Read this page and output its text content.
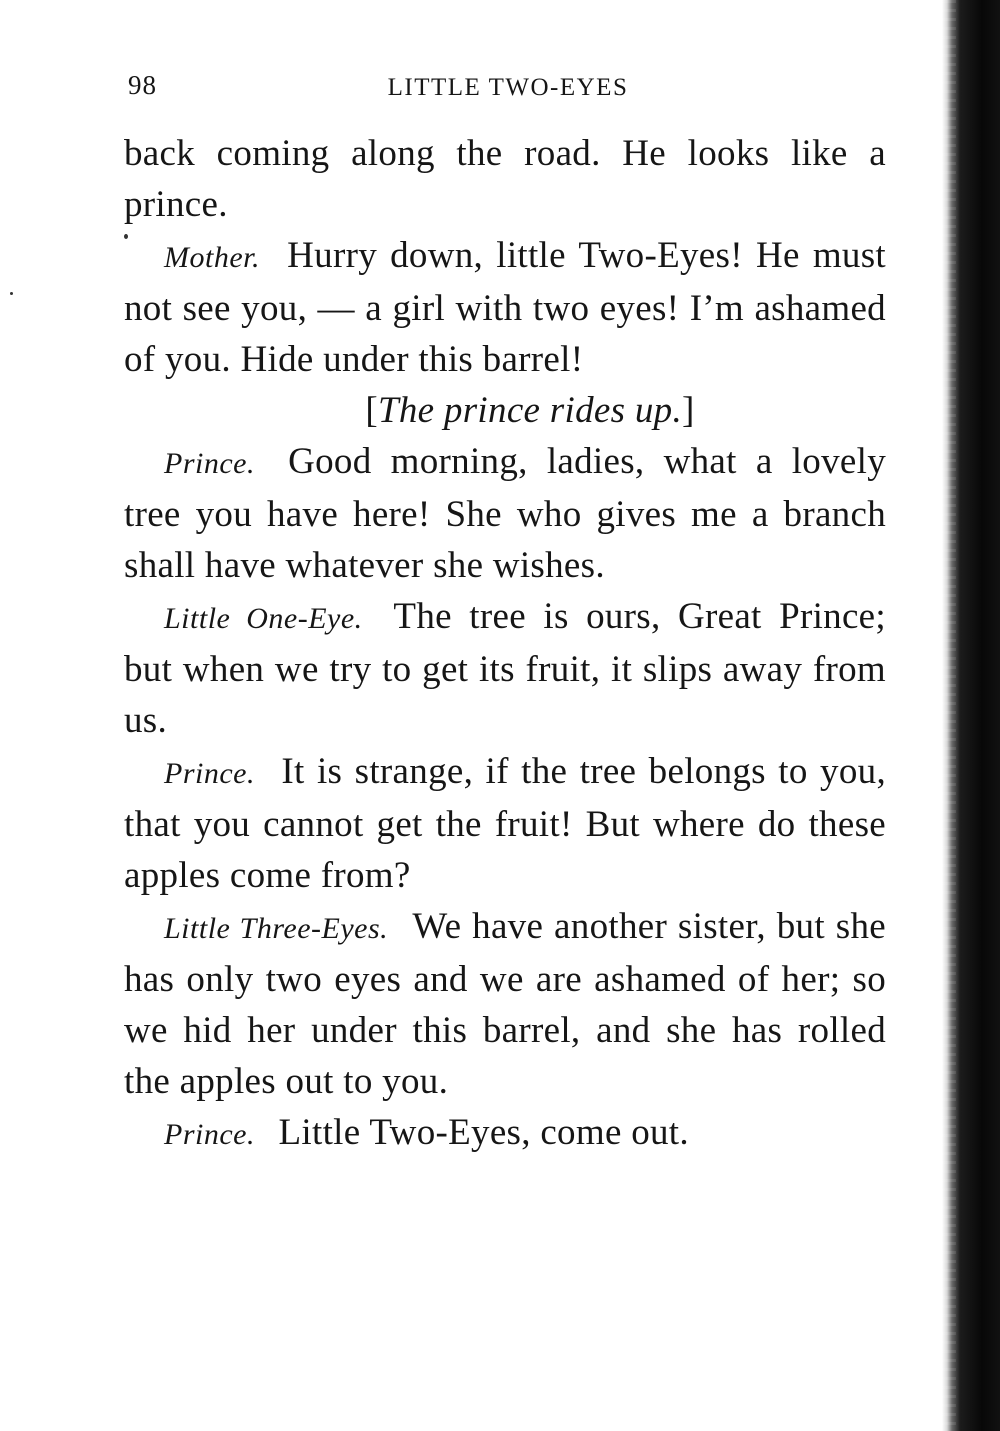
98	LITTLE TWO-EYES

back coming along the road. He looks like a prince.

Mother. Hurry down, little Two-Eyes! He must not see you, — a girl with two eyes! I’m ashamed of you. Hide under this barrel!

[The prince rides up.]

Prince. Good morning, ladies, what a lovely tree you have here! She who gives me a branch shall have whatever she wishes.

Little One-Eye. The tree is ours, Great Prince; but when we try to get its fruit, it slips away from us.

Prince. It is strange, if the tree belongs to you, that you cannot get the fruit! But where do these apples come from?

Little Three-Eyes. We have another sister, but she has only two eyes and we are ashamed of her; so we hid her under this barrel, and she has rolled the apples out to you.

Prince. Little Two-Eyes, come out.
